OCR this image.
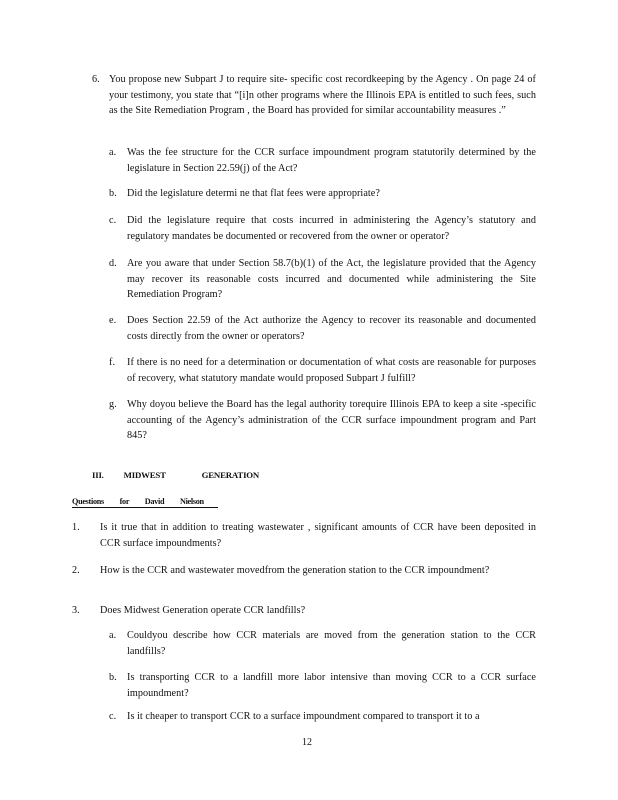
6. You propose new Subpart J to require site- specific cost recordkeeping by the Agency . On page 24 of your testimony, you state that “[i]n other programs where the Illinois EPA is entitled to such fees, such as the Site Remediation Program , the Board has provided for similar accountability measures .”
a.	Was the fee structure for the CCR surface impoundment program statutorily determined by the legislature in Section 22.59(j) of the Act?
b.	Did the legislature determi ne that flat fees were appropriate?
c.	Did the legislature require that costs incurred in administering the Agency’s statutory and regulatory mandates be documented or recovered from the owner or operator?
d.	Are you aware that under Section 58.7(b)(1) of the Act, the legislature provided that the Agency may recover its reasonable costs incurred and documented while administering the Site Remediation Program?
e.	Does Section 22.59 of the Act authorize the Agency to recover its reasonable and documented costs directly from the owner or operators?
f.	If there is no need for a determination or documentation of what costs are reasonable for purposes of recovery, what statutory mandate would proposed Subpart J fulfill?
g.	Why doyou believe the Board has the legal authority torequire Illinois EPA to keep a site -specific accounting of the Agency’s administration of the CCR surface impoundment program and Part 845?
III. MIDWEST GENERATION
Questions for David Nielson
1.	Is it true that in addition to treating wastewater , significant amounts of CCR have been deposited in CCR surface impoundments?
2.	How is the CCR and wastewater movedfrom the generation station to the CCR impoundment?
3.	Does Midwest Generation operate CCR landfills?
a.	Couldyou describe how CCR materials are moved from the generation station to the CCR landfills?
b.	Is transporting CCR to a landfill more labor intensive than moving CCR to a CCR surface impoundment?
c.	Is it cheaper to transport CCR to a surface impoundment compared to transport it to a
12
